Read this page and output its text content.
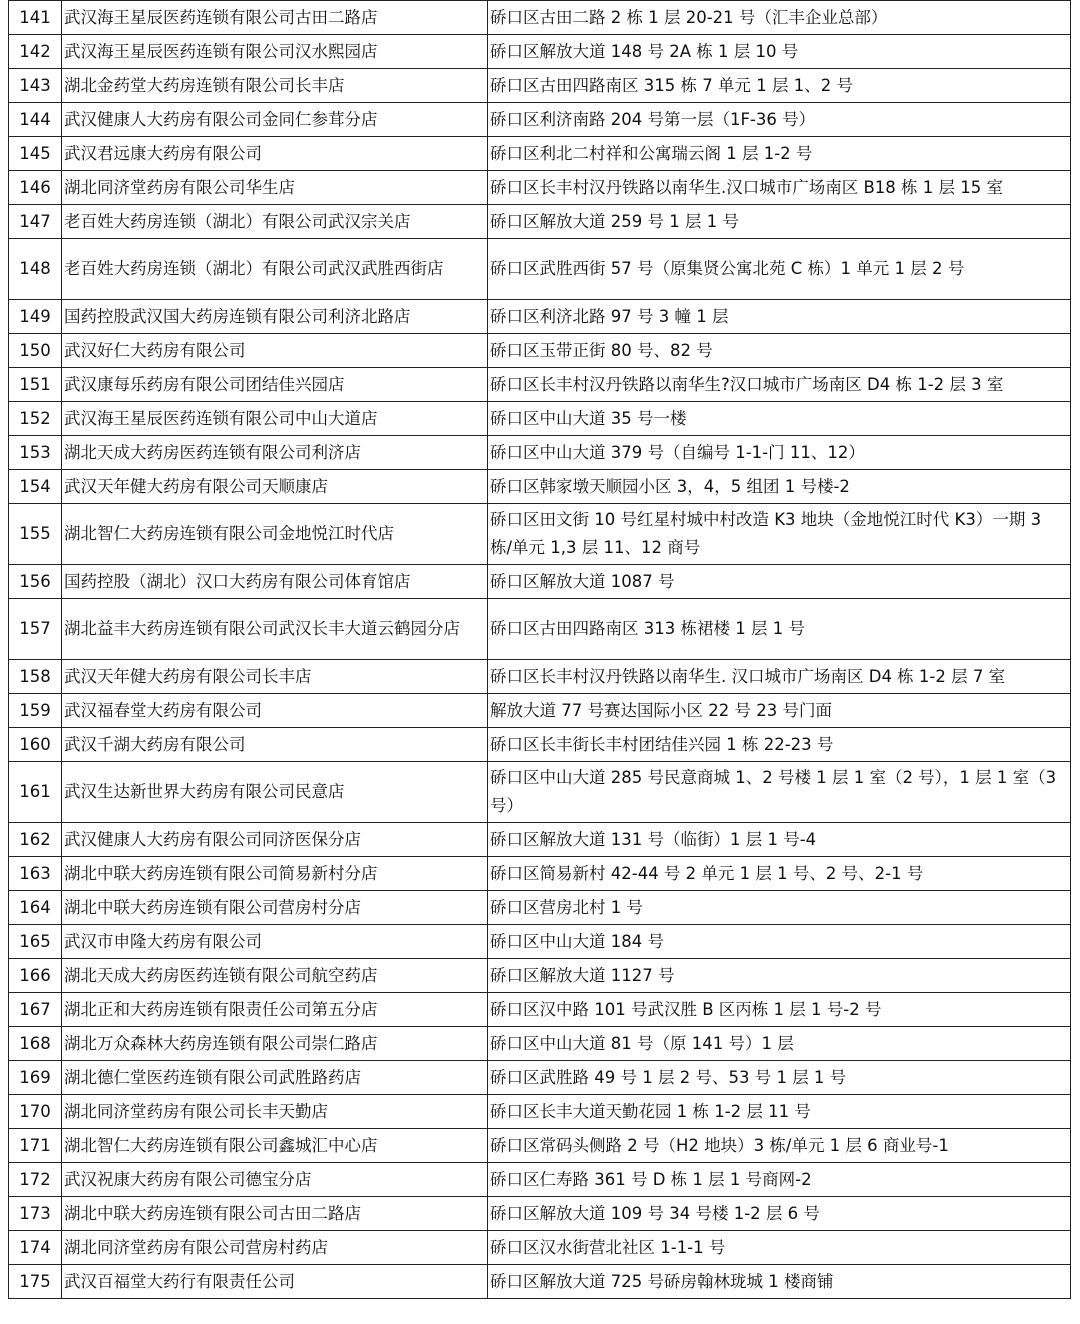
141	武汉海王星辰医药连锁有限公司古田二路店	硚口区古田二路 2 栋 1 层 20-21 号（汇丰企业总部）
142	武汉海王星辰医药连锁有限公司汉水熙园店	硚口区解放大道 148 号 2A 栋 1 层 10 号
143	湖北金药堂大药房连锁有限公司长丰店	硚口区古田四路南区 315 栋 7 单元 1 层 1、2 号
144	武汉健康人大药房有限公司金同仁参茸分店	硚口区利济南路 204 号第一层（1F-36 号）
145	武汉君远康大药房有限公司	硚口区利北二村祥和公寓瑞云阁 1 层 1-2 号
146	湖北同济堂药房有限公司华生店	硚口区长丰村汉丹铁路以南华生.汉口城市广场南区 B18 栋 1 层 15 室
147	老百姓大药房连锁（湖北）有限公司武汉宗关店	硚口区解放大道 259 号 1 层 1 号
148	老百姓大药房连锁（湖北）有限公司武汉武胜西街店	硚口区武胜西街 57 号（原集贤公寓北苑 C 栋）1 单元 1 层 2 号
149	国药控股武汉国大药房连锁有限公司利济北路店	硚口区利济北路 97 号 3 幢 1 层
150	武汉好仁大药房有限公司	硚口区玉带正街 80 号、82 号
151	武汉康每乐药房有限公司团结佳兴园店	硚口区长丰村汉丹铁路以南华生?汉口城市广场南区 D4 栋 1-2 层 3 室
152	武汉海王星辰医药连锁有限公司中山大道店	硚口区中山大道 35 号一楼
153	湖北天成大药房医药连锁有限公司利济店	硚口区中山大道 379 号（自编号 1-1-门 11、12）
154	武汉天年健大药房有限公司天顺康店	硚口区韩家墩天顺园小区 3，4，5 组团 1 号楼-2
155	湖北智仁大药房连锁有限公司金地悦江时代店	硚口区田文街 10 号红星村城中村改造 K3 地块（金地悦江时代 K3）一期 3 栋/单元 1,3 层 11、12 商号
156	国药控股（湖北）汉口大药房有限公司体育馆店	硚口区解放大道 1087 号
157	湖北益丰大药房连锁有限公司武汉长丰大道云鹤园分店	硚口区古田四路南区 313 栋裙楼 1 层 1 号
158	武汉天年健大药房有限公司长丰店	硚口区长丰村汉丹铁路以南华生. 汉口城市广场南区 D4 栋 1-2 层 7 室
159	武汉福春堂大药房有限公司	解放大道 77 号赛达国际小区 22 号 23 号门面
160	武汉千湖大药房有限公司	硚口区长丰街长丰村团结佳兴园 1 栋 22-23 号
161	武汉生达新世界大药房有限公司民意店	硚口区中山大道 285 号民意商城 1、2 号楼 1 层 1 室（2 号），1 层 1 室（3 号）
162	武汉健康人大药房有限公司同济医保分店	硚口区解放大道 131 号（临街）1 层 1 号-4
163	湖北中联大药房连锁有限公司简易新村分店	硚口区简易新村 42-44 号 2 单元 1 层 1 号、2 号、2-1 号
164	湖北中联大药房连锁有限公司营房村分店	硚口区营房北村 1 号
165	武汉市申隆大药房有限公司	硚口区中山大道 184 号
166	湖北天成大药房医药连锁有限公司航空药店	硚口区解放大道 1127 号
167	湖北正和大药房连锁有限责任公司第五分店	硚口区汉中路 101 号武汉胜 B 区丙栋 1 层 1 号-2 号
168	湖北万众森林大药房连锁有限公司崇仁路店	硚口区中山大道 81 号（原 141 号）1 层
169	湖北德仁堂医药连锁有限公司武胜路药店	硚口区武胜路 49 号 1 层 2 号、53 号 1 层 1 号
170	湖北同济堂药房有限公司长丰天勤店	硚口区长丰大道天勤花园 1 栋 1-2 层 11 号
171	湖北智仁大药房连锁有限公司鑫城汇中心店	硚口区常码头侧路 2 号（H2 地块）3 栋/单元 1 层 6 商业号-1
172	武汉祝康大药房有限公司德宝分店	硚口区仁寿路 361 号 D 栋 1 层 1 号商网-2
173	湖北中联大药房连锁有限公司古田二路店	硚口区解放大道 109 号 34 号楼 1-2 层 6 号
174	湖北同济堂药房有限公司营房村药店	硚口区汉水街营北社区 1-1-1 号
175	武汉百福堂大药行有限责任公司	硚口区解放大道 725 号硚房翰林珑城 1 楼商铺
